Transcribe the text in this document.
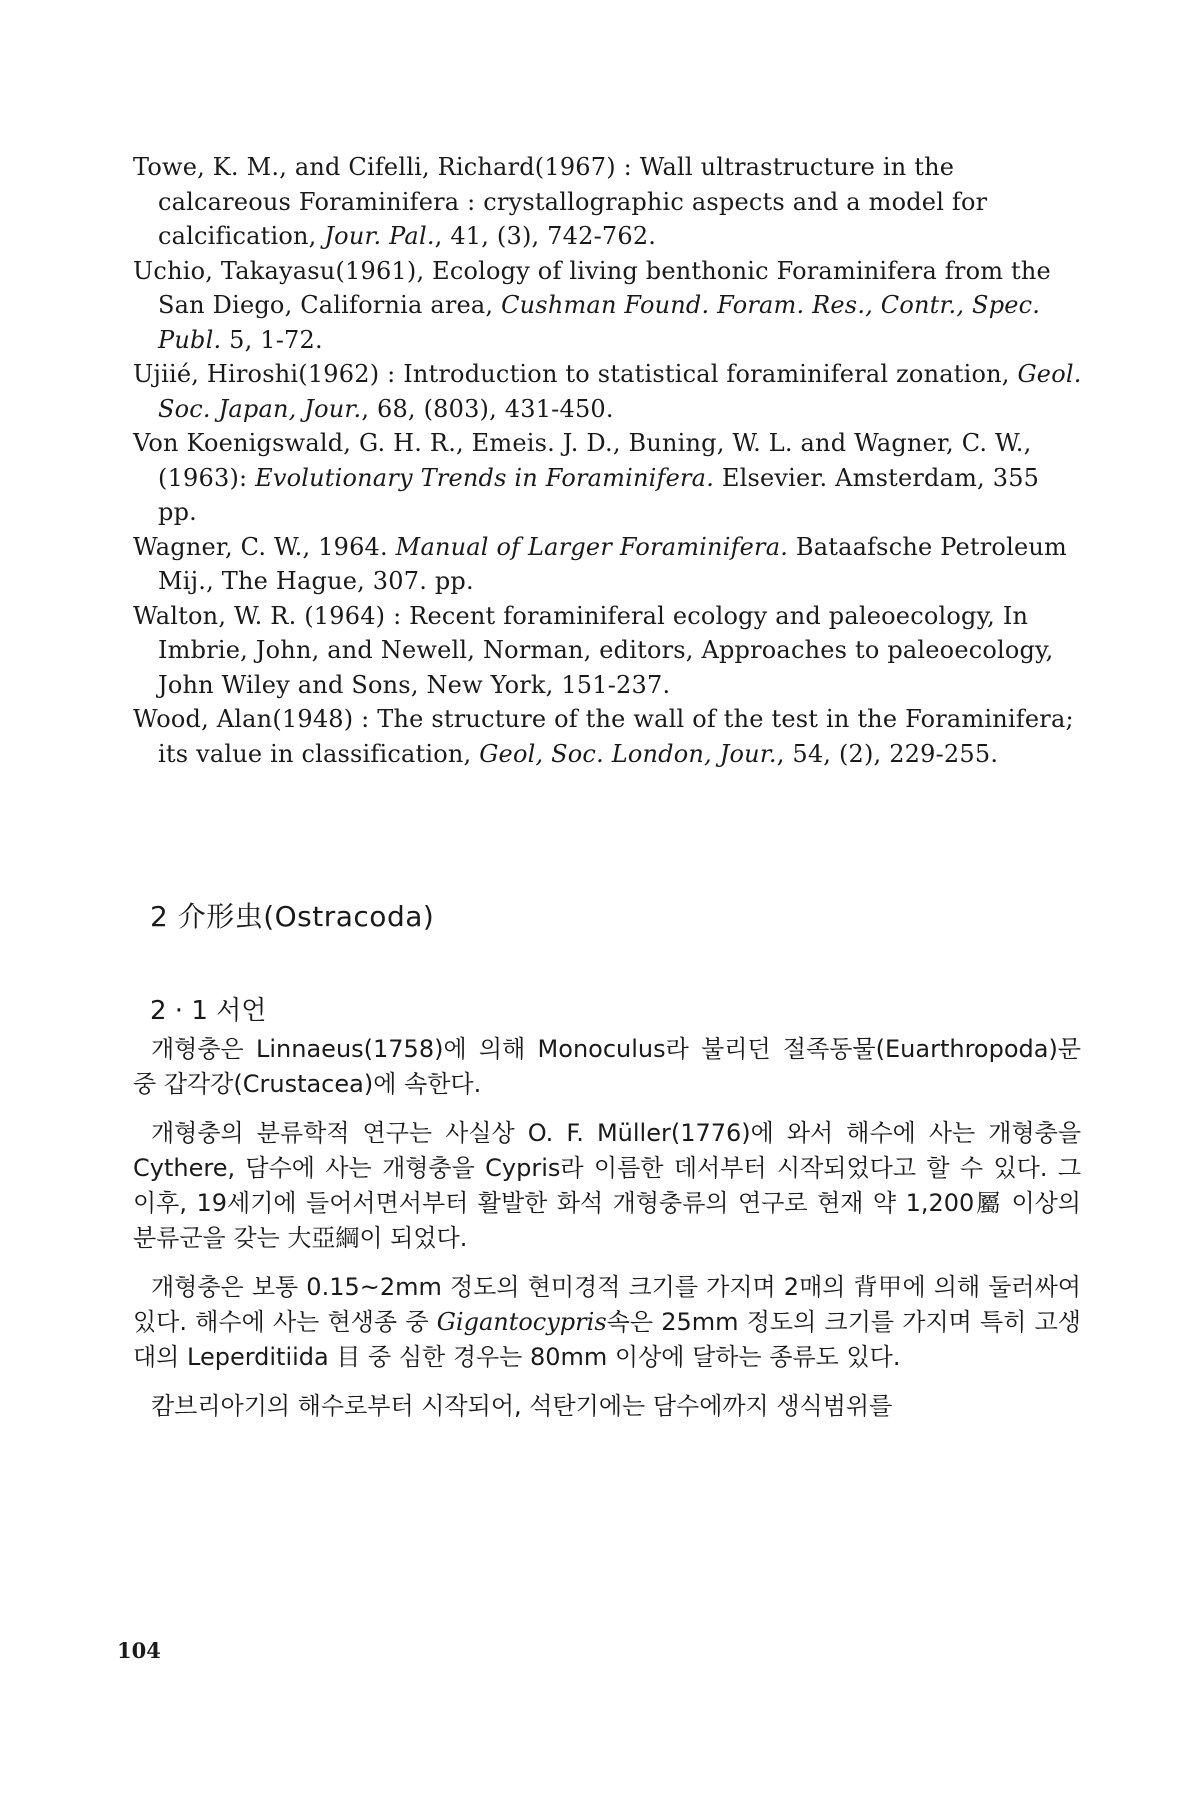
Towe, K. M., and Cifelli, Richard(1967) : Wall ultrastructure in the calcareous Foraminifera : crystallographic aspects and a model for calcification, Jour. Pal., 41, (3), 742-762.

Uchio, Takayasu(1961), Ecology of living benthonic Foraminifera from the San Diego, California area, Cushman Found. Foram. Res., Contr., Spec. Publ. 5, 1-72.

Ujiié, Hiroshi(1962) : Introduction to statistical foraminiferal zonation, Geol. Soc. Japan, Jour., 68, (803), 431-450.

Von Koenigswald, G. H. R., Emeis. J. D., Buning, W. L. and Wagner, C. W., (1963): Evolutionary Trends in Foraminifera. Elsevier. Amsterdam, 355 pp.

Wagner, C. W., 1964. Manual of Larger Foraminifera. Bataafsche Petroleum Mij., The Hague, 307. pp.

Walton, W. R. (1964) : Recent foraminiferal ecology and paleoecology, In Imbrie, John, and Newell, Norman, editors, Approaches to paleoecology, John Wiley and Sons, New York, 151-237.

Wood, Alan(1948) : The structure of the wall of the test in the Foraminifera; its value in classification, Geol, Soc. London, Jour., 54, (2), 229-255.

2 介形虫(Ostracoda)
2 · 1 서언

개형충은 Linnaeus(1758)에 의해 Monoculus라 불리던 절족동물(Euarthropoda)문 중 갑각강(Crustacea)에 속한다.

개형충의 분류학적 연구는 사실상 O. F. Müller(1776)에 와서 해수에 사는 개형충을 Cythere, 담수에 사는 개형충을 Cypris라 이름한 데서부터 시작되었다고 할 수 있다. 그 이후, 19세기에 들어서면서부터 활발한 화석 개형충류의 연구로 현재 약 1,200屬 이상의 분류군을 갖는 大亞綱이 되었다.

개형충은 보통 0.15~2mm 정도의 현미경적 크기를 가지며 2매의 背甲에 의해 둘러싸여 있다. 해수에 사는 현생종 중 Gigantocypris속은 25mm 정도의 크기를 가지며 특히 고생대의 Leperditiida 目 중 심한 경우는 80mm 이상에 달하는 종류도 있다.

캄브리아기의 해수로부터 시작되어, 석탄기에는 담수에까지 생식범위를

104
